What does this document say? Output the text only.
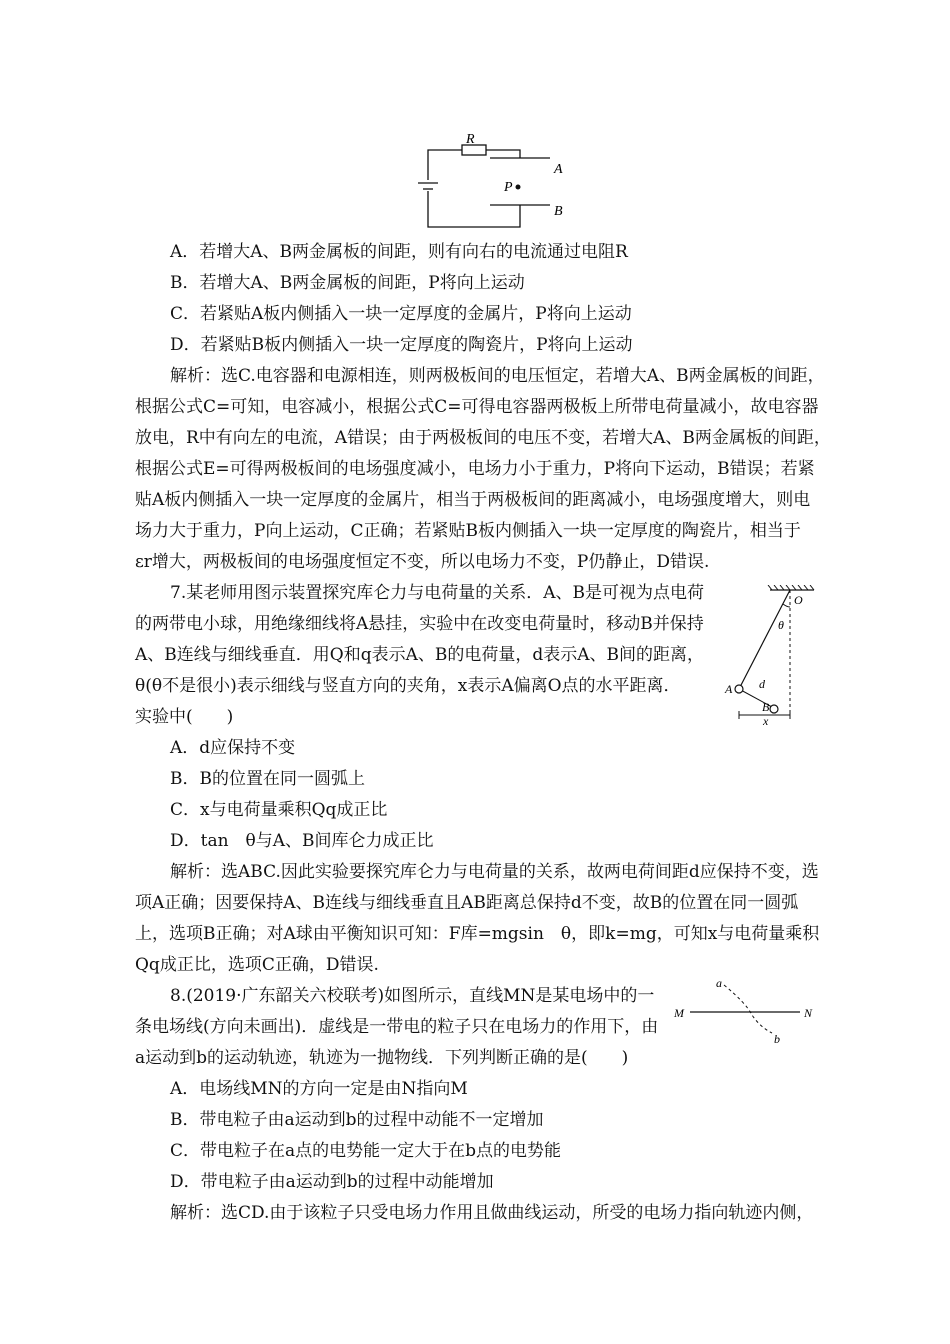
R
A
B
P
A．若增大A、B两金属板的间距，则有向右的电流通过电阻R
B．若增大A、B两金属板的间距，P将向上运动
C．若紧贴A板内侧插入一块一定厚度的金属片，P将向上运动
D．若紧贴B板内侧插入一块一定厚度的陶瓷片，P将向上运动
解析：选C.电容器和电源相连，则两极板间的电压恒定，若增大A、B两金属板的间距，
根据公式C=可知，电容减小，根据公式C=可得电容器两极板上所带电荷量减小，故电容器
放电，R中有向左的电流，A错误；由于两极板间的电压不变，若增大A、B两金属板的间距，
根据公式E=可得两极板间的电场强度减小，电场力小于重力，P将向下运动，B错误；若紧
贴A板内侧插入一块一定厚度的金属片，相当于两极板间的距离减小，电场强度增大，则电
场力大于重力，P向上运动，C正确；若紧贴B板内侧插入一块一定厚度的陶瓷片，相当于
εr增大，两极板间的电场强度恒定不变，所以电场力不变，P仍静止，D错误.
7.某老师用图示装置探究库仑力与电荷量的关系．A、B是可视为点电荷
的两带电小球，用绝缘细线将A悬挂，实验中在改变电荷量时，移动B并保持
A、B连线与细线垂直．用Q和q表示A、B的电荷量，d表示A、B间的距离，
θ(θ不是很小)表示细线与竖直方向的夹角，x表示A偏离O点的水平距离．
实验中(　　)
O
θ
A
B
d
x
A．d应保持不变
B．B的位置在同一圆弧上
C．x与电荷量乘积Qq成正比
D．tan　θ与A、B间库仑力成正比
解析：选ABC.因此实验要探究库仑力与电荷量的关系，故两电荷间距d应保持不变，选
项A正确；因要保持A、B连线与细线垂直且AB距离总保持d不变，故B的位置在同一圆弧
上，选项B正确；对A球由平衡知识可知：F库=mgsin　θ，即k=mg，可知x与电荷量乘积
Qq成正比，选项C正确，D错误.
8.(2019·广东韶关六校联考)如图所示，直线MN是某电场中的一
条电场线(方向未画出)．虚线是一带电的粒子只在电场力的作用下，由
a运动到b的运动轨迹，轨迹为一抛物线．下列判断正确的是(　　)
M	N
a
b
A．电场线MN的方向一定是由N指向M
B．带电粒子由a运动到b的过程中动能不一定增加
C．带电粒子在a点的电势能一定大于在b点的电势能
D．带电粒子由a运动到b的过程中动能增加
解析：选CD.由于该粒子只受电场力作用且做曲线运动，所受的电场力指向轨迹内侧，
